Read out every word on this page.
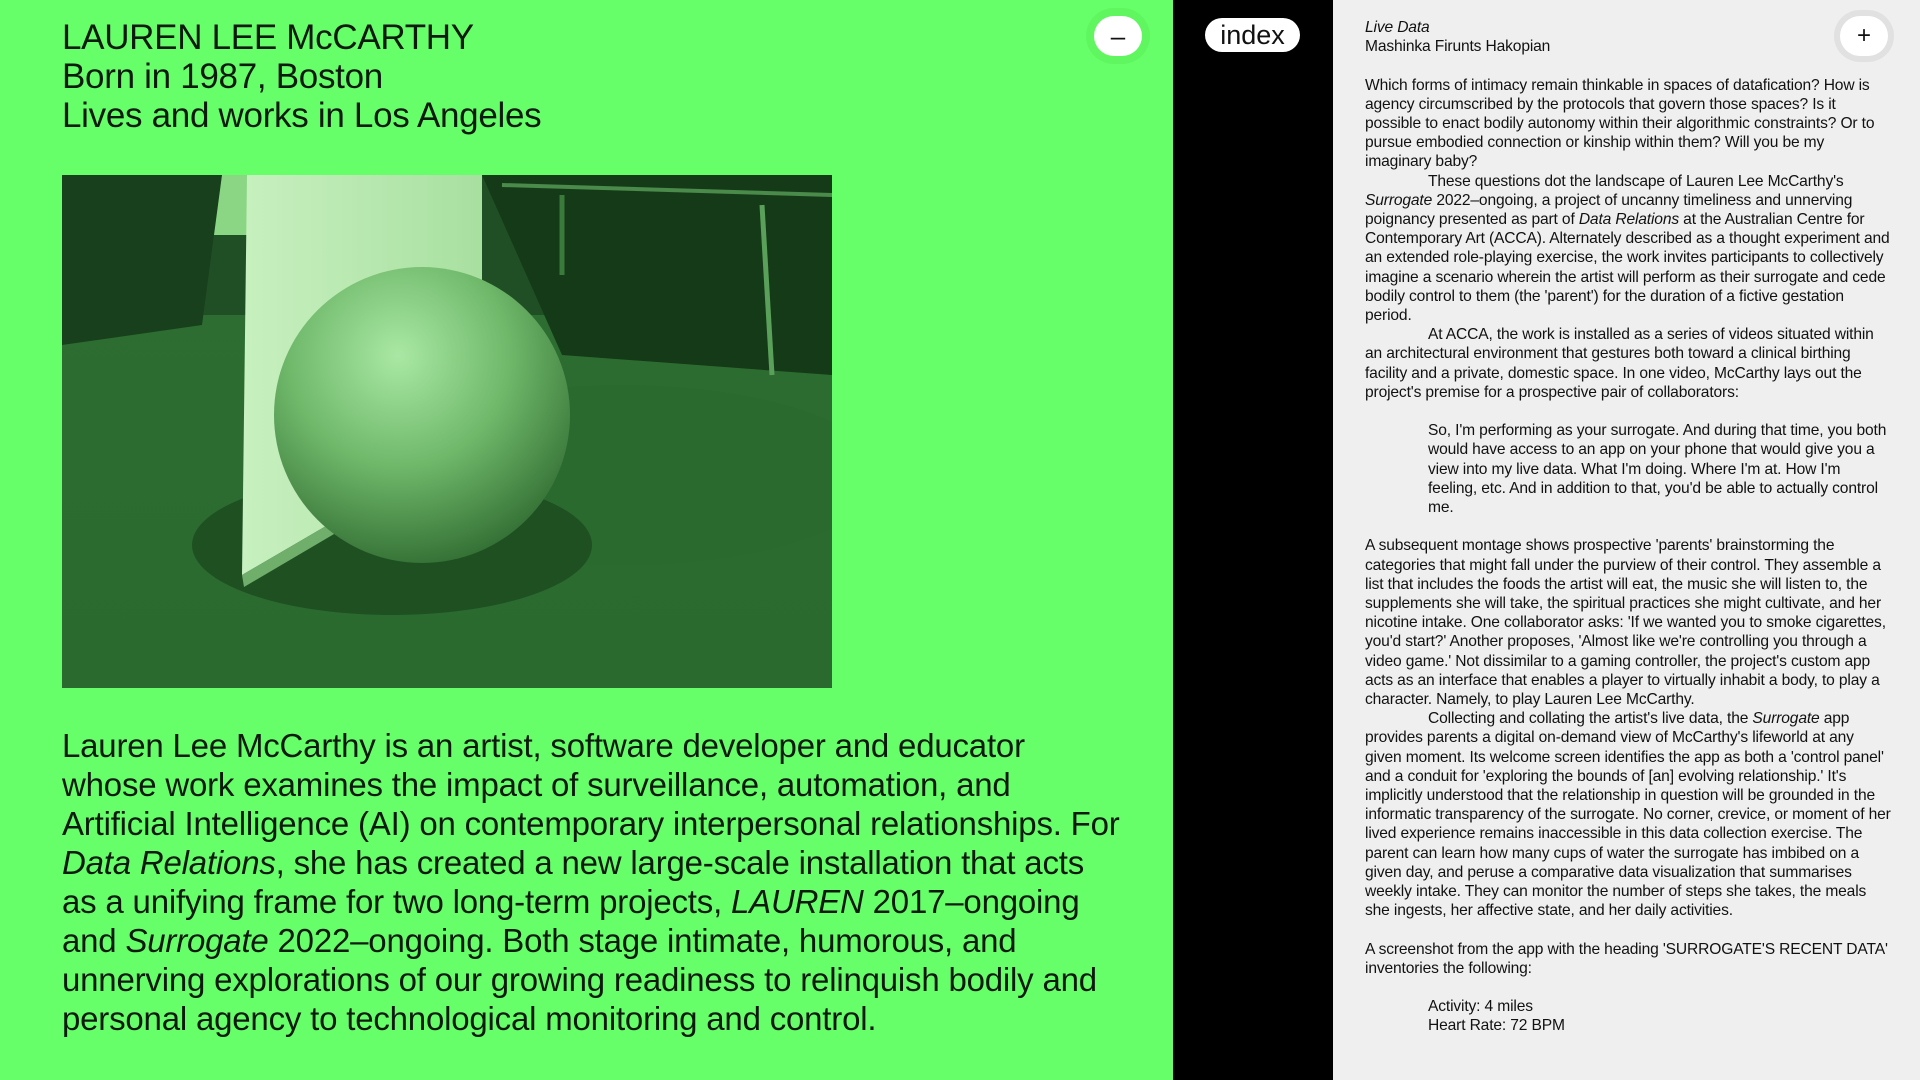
LAUREN LEE McCARTHY
Born in 1987, Boston
Lives and works in Los Angeles
–

Lauren Lee McCarthy is an artist, software developer and educator whose work examines the impact of surveillance, automation, and Artificial Intelligence (AI) on contemporary interpersonal relationships. For Data Relations, she has created a new large-scale installation that acts as a unifying frame for two long-term projects, LAUREN 2017–ongoing and Surrogate 2022–ongoing. Both stage intimate, humorous, and unnerving explorations of our growing readiness to relinquish bodily and personal agency to technological monitoring and control.

index	+
Live Data
Mashinka Firunts Hakopian

Which forms of intimacy remain thinkable in spaces of datafication? How is agency circumscribed by the protocols that govern those spaces? Is it possible to enact bodily autonomy within their algorithmic constraints? Or to pursue embodied connection or kinship within them? Will you be my imaginary baby?

These questions dot the landscape of Lauren Lee McCarthy's Surrogate 2022–ongoing, a project of uncanny timeliness and unnerving poignancy presented as part of Data Relations at the Australian Centre for Contemporary Art (ACCA). Alternately described as a thought experiment and an extended role-playing exercise, the work invites participants to collectively imagine a scenario wherein the artist will perform as their surrogate and cede bodily control to them (the 'parent') for the duration of a fictive gestation period.

At ACCA, the work is installed as a series of videos situated within an architectural environment that gestures both toward a clinical birthing facility and a private, domestic space. In one video, McCarthy lays out the project's premise for a prospective pair of collaborators:

So, I'm performing as your surrogate. And during that time, you both would have access to an app on your phone that would give you a view into my live data. What I'm doing. Where I'm at. How I'm feeling, etc. And in addition to that, you'd be able to actually control me.

A subsequent montage shows prospective 'parents' brainstorming the categories that might fall under the purview of their control. They assemble a list that includes the foods the artist will eat, the music she will listen to, the supplements she will take, the spiritual practices she might cultivate, and her nicotine intake. One collaborator asks: 'If we wanted you to smoke cigarettes, you'd start?' Another proposes, 'Almost like we're controlling you through a video game.' Not dissimilar to a gaming controller, the project's custom app acts as an interface that enables a player to virtually inhabit a body, to play a character. Namely, to play Lauren Lee McCarthy.

Collecting and collating the artist's live data, the Surrogate app provides parents a digital on-demand view of McCarthy's lifeworld at any given moment. Its welcome screen identifies the app as both a 'control panel' and a conduit for 'exploring the bounds of [an] evolving relationship.' It's implicitly understood that the relationship in question will be grounded in the informatic transparency of the surrogate. No corner, crevice, or moment of her lived experience remains inaccessible in this data collection exercise. The parent can learn how many cups of water the surrogate has imbibed on a given day, and peruse a comparative data visualization that summarises weekly intake. They can monitor the number of steps she takes, the meals she ingests, her affective state, and her daily activities.

A screenshot from the app with the heading 'SURROGATE'S RECENT DATA' inventories the following:

Activity: 4 miles

Heart Rate: 72 BPM
